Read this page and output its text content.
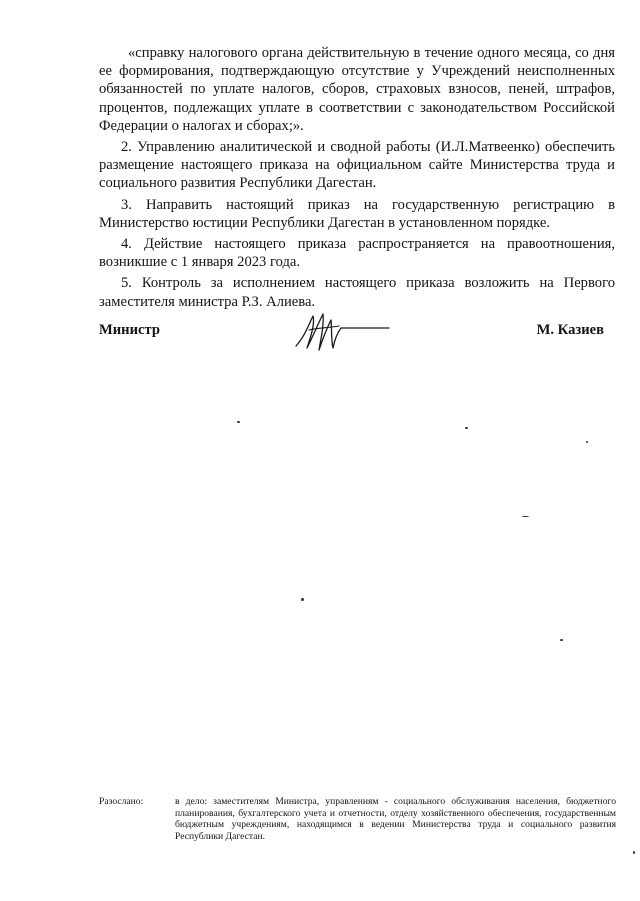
«справку налогового органа действительную в течение одного месяца, со дня ее формирования, подтверждающую отсутствие у Учреждений неисполненных обязанностей по уплате налогов, сборов, страховых взносов, пеней, штрафов, процентов, подлежащих уплате в соответствии с законодательством Российской Федерации о налогах и сборах;».

2. Управлению аналитической и сводной работы (И.Л.Матвеенко) обеспечить размещение настоящего приказа на официальном сайте Министерства труда и социального развития Республики Дагестан.

3. Направить настоящий приказ на государственную регистрацию в Министерство юстиции Республики Дагестан в установленном порядке.

4. Действие настоящего приказа распространяется на правоотношения, возникшие с 1 января 2023 года.

5. Контроль за исполнением настоящего приказа возложить на Первого заместителя министра Р.З. Алиева.

Министр	М. Казиев
Разослано:	в дело: заместителям Министра, управлениям - социального обслуживания населения, бюджетного планирования, бухгалтерского учета и отчетности, отделу хозяйственного обеспечения, государственным бюджетным учреждениям, находящимся в ведении Министерства труда и социального развития Республики Дагестан.
